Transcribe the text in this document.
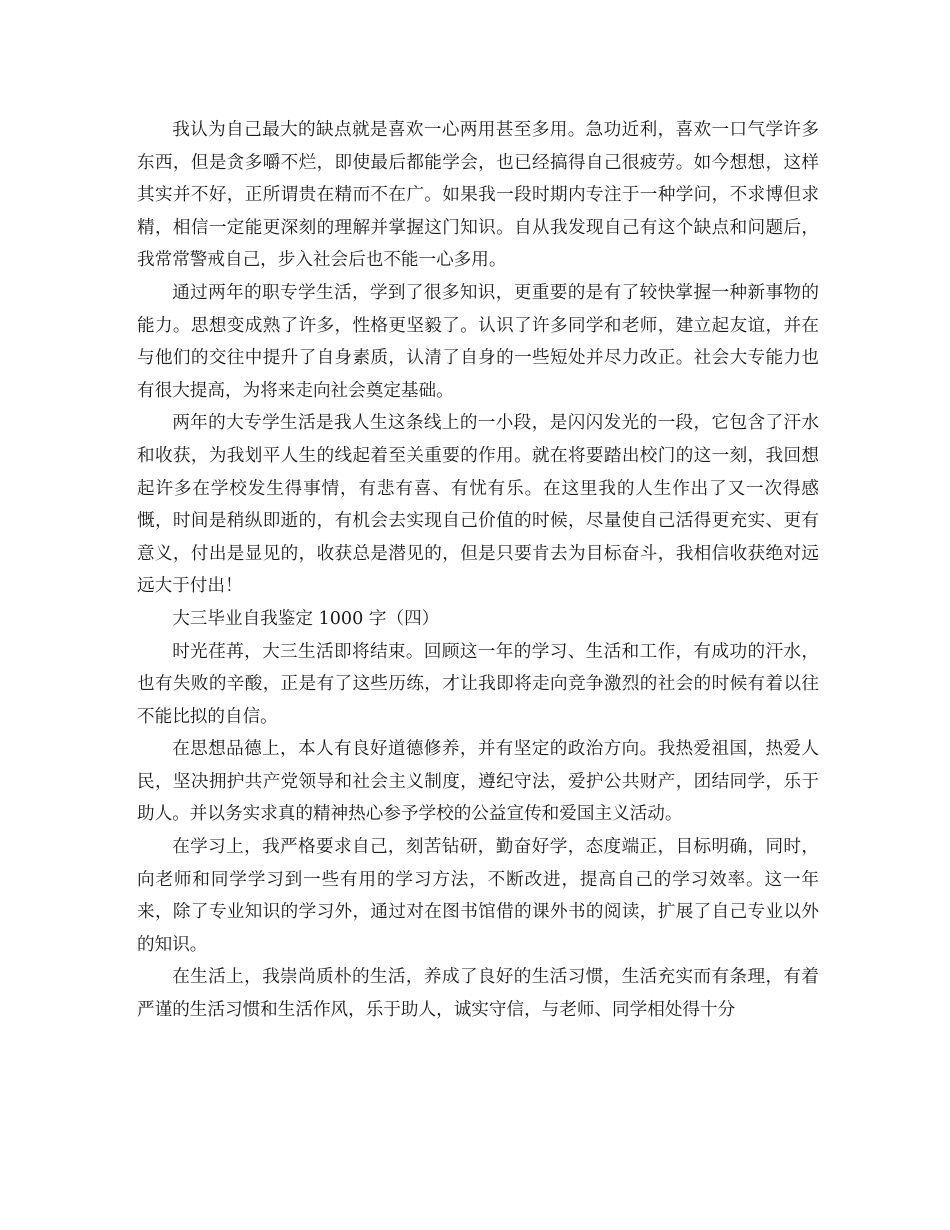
我认为自己最大的缺点就是喜欢一心两用甚至多用。急功近利，喜欢一口气学许多东西，但是贪多嚼不烂，即使最后都能学会，也已经搞得自己很疲劳。如今想想，这样其实并不好，正所谓贵在精而不在广。如果我一段时期内专注于一种学问，不求博但求精，相信一定能更深刻的理解并掌握这门知识。自从我发现自己有这个缺点和问题后，我常常警戒自己，步入社会后也不能一心多用。

通过两年的职专学生活，学到了很多知识，更重要的是有了较快掌握一种新事物的能力。思想变成熟了许多，性格更坚毅了。认识了许多同学和老师，建立起友谊，并在与他们的交往中提升了自身素质，认清了自身的一些短处并尽力改正。社会大专能力也有很大提高，为将来走向社会奠定基础。

两年的大专学生活是我人生这条线上的一小段，是闪闪发光的一段，它包含了汗水和收获，为我划平人生的线起着至关重要的作用。就在将要踏出校门的这一刻，我回想起许多在学校发生得事情，有悲有喜、有忧有乐。在这里我的人生作出了又一次得感慨，时间是稍纵即逝的，有机会去实现自己价值的时候，尽量使自己活得更充实、更有意义，付出是显见的，收获总是潜见的，但是只要肯去为目标奋斗，我相信收获绝对远远大于付出！

大三毕业自我鉴定 1000 字（四）

时光荏苒，大三生活即将结束。回顾这一年的学习、生活和工作，有成功的汗水，也有失败的辛酸，正是有了这些历练，才让我即将走向竞争激烈的社会的时候有着以往不能比拟的自信。

在思想品德上，本人有良好道德修养，并有坚定的政治方向。我热爱祖国，热爱人民，坚决拥护共产党领导和社会主义制度，遵纪守法，爱护公共财产，团结同学，乐于助人。并以务实求真的精神热心参予学校的公益宣传和爱国主义活动。

在学习上，我严格要求自己，刻苦钻研，勤奋好学，态度端正，目标明确，同时，向老师和同学学习到一些有用的学习方法，不断改进，提高自己的学习效率。这一年来，除了专业知识的学习外，通过对在图书馆借的课外书的阅读，扩展了自己专业以外的知识。

在生活上，我崇尚质朴的生活，养成了良好的生活习惯，生活充实而有条理，有着严谨的生活习惯和生活作风，乐于助人，诚实守信，与老师、同学相处得十分
